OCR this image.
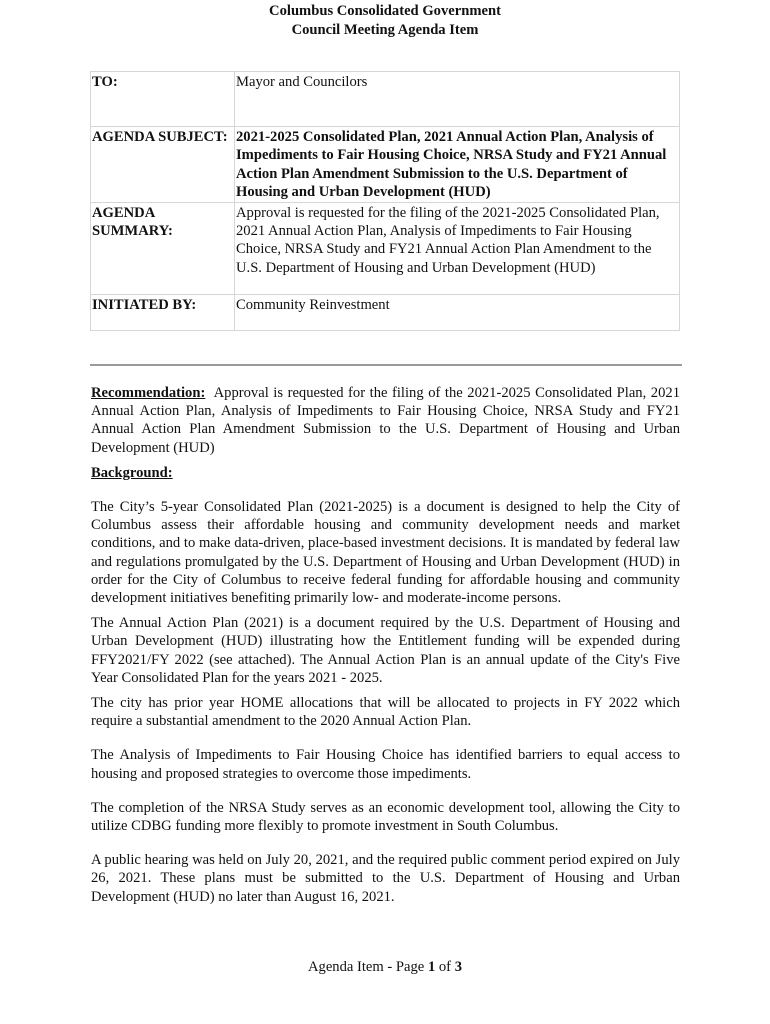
Columbus Consolidated Government
Council Meeting Agenda Item
TO:	Mayor and Councilors
AGENDA SUBJECT:	2021-2025 Consolidated Plan, 2021 Annual Action Plan, Analysis of Impediments to Fair Housing Choice, NRSA Study and FY21 Annual Action Plan Amendment Submission to the U.S. Department of Housing and Urban Development (HUD)
AGENDA SUMMARY:	Approval is requested for the filing of the 2021-2025 Consolidated Plan, 2021 Annual Action Plan, Analysis of Impediments to Fair Housing Choice, NRSA Study and FY21 Annual Action Plan Amendment to the U.S. Department of Housing and Urban Development (HUD)
INITIATED BY:	Community Reinvestment

Recommendation: Approval is requested for the filing of the 2021-2025 Consolidated Plan, 2021 Annual Action Plan, Analysis of Impediments to Fair Housing Choice, NRSA Study and FY21 Annual Action Plan Amendment Submission to the U.S. Department of Housing and Urban Development (HUD)

Background:

The City’s 5-year Consolidated Plan (2021-2025) is a document is designed to help the City of Columbus assess their affordable housing and community development needs and market conditions, and to make data-driven, place-based investment decisions. It is mandated by federal law and regulations promulgated by the U.S. Department of Housing and Urban Development (HUD) in order for the City of Columbus to receive federal funding for affordable housing and community development initiatives benefiting primarily low- and moderate-income persons.

The Annual Action Plan (2021) is a document required by the U.S. Department of Housing and Urban Development (HUD) illustrating how the Entitlement funding will be expended during FFY2021/FY 2022 (see attached). The Annual Action Plan is an annual update of the City's Five Year Consolidated Plan for the years 2021 - 2025.

The city has prior year HOME allocations that will be allocated to projects in FY 2022 which require a substantial amendment to the 2020 Annual Action Plan.

The Analysis of Impediments to Fair Housing Choice has identified barriers to equal access to housing and proposed strategies to overcome those impediments.

The completion of the NRSA Study serves as an economic development tool, allowing the City to utilize CDBG funding more flexibly to promote investment in South Columbus.

A public hearing was held on July 20, 2021, and the required public comment period expired on July 26, 2021. These plans must be submitted to the U.S. Department of Housing and Urban Development (HUD) no later than August 16, 2021.

Agenda Item - Page 1 of 3
